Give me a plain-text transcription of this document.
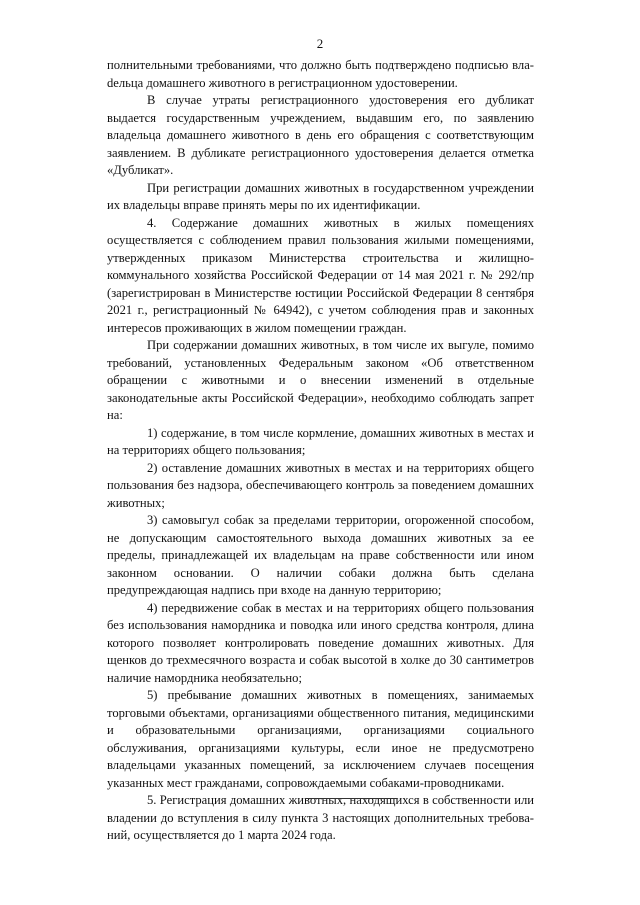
2

полнительными требованиями, что должно быть подтверждено подписью влаdельца домашнего животного в регистрационном удостоверении.

В случае утраты регистрационного удостоверения его дубликат выдается государственным учреждением, выдавшим его, по заявлению владельца домашнего животного в день его обращения с соответствующим заявлением. В дубликате регистрационного удостоверения делается отметка «Дубликат».

При регистрации домашних животных в государственном учреждении их владельцы вправе принять меры по их идентификации.

4. Содержание домашних животных в жилых помещениях осуществляется с соблюдением правил пользования жилыми помещениями, утвержденных приказом Министерства строительства и жилищно-коммунального хозяйства Российской Федерации от 14 мая 2021 г. № 292/пр (зарегистрирован в Министерстве юстиции Российской Федерации 8 сентября 2021 г., регистрационный № 64942), с учетом соблюдения прав и законных интересов проживающих в жилом помещении граждан.

При содержании домашних животных, в том числе их выгуле, помимо требований, установленных Федеральным законом «Об ответственном обращении с животными и о внесении изменений в отдельные законодательные акты Российской Федерации», необходимо соблюдать запрет на:

1) содержание, в том числе кормление, домашних животных в местах и на территориях общего пользования;

2) оставление домашних животных в местах и на территориях общего пользования без надзора, обеспечивающего контроль за поведением домашних животных;

3) самовыгул собак за пределами территории, огороженной способом, не допускающим самостоятельного выхода домашних животных за ее пределы, принадлежащей их владельцам на праве собственности или ином законном основании. О наличии собаки должна быть сделана предупреждающая надпись при входе на данную территорию;

4) передвижение собак в местах и на территориях общего пользования без использования намордника и поводка или иного средства контроля, длина которого позволяет контролировать поведение домашних животных. Для щенков до трехмесячного возраста и собак высотой в холке до 30 сантиметров наличие намордника необязательно;

5) пребывание домашних животных в помещениях, занимаемых торговыми объектами, организациями общественного питания, медицинскими и образовательными организациями, организациями социального обслуживания, организациями культуры, если иное не предусмотрено владельцами указанных помещений, за исключением случаев посещения указанных мест гражданами, сопровождаемыми собаками-проводниками.

5. Регистрация домашних животных, находящихся в собственности или владении до вступления в силу пункта 3 настоящих дополнительных требований, осуществляется до 1 марта 2024 года.
